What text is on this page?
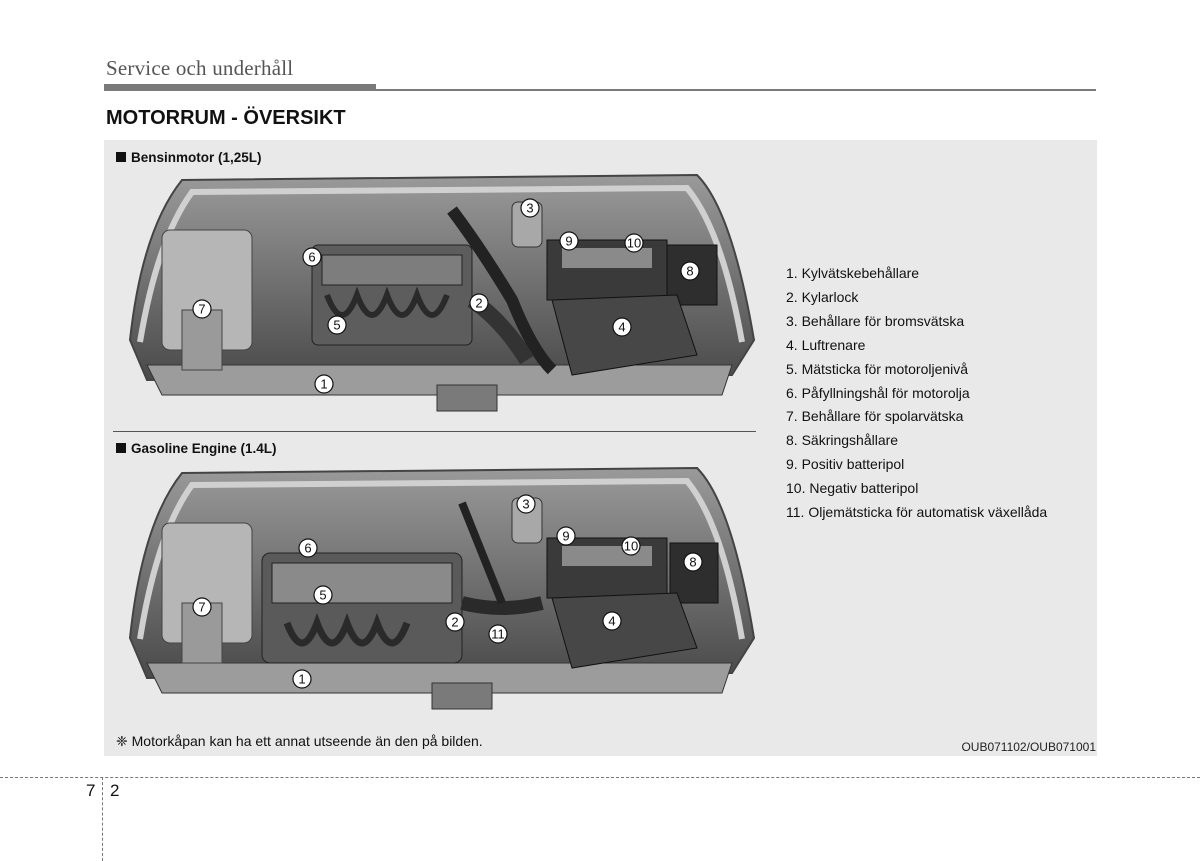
Service och underhåll
MOTORRUM - ÖVERSIKT
Bensinmotor (1,25L)
1
2
3
4
5
6
7
8
9	10
Gasoline Engine (1.4L)
1
2
3
4
5
6
7
8
9
10
11
1. Kylvätskebehållare
2. Kylarlock
3. Behållare för bromsvätska
4. Luftrenare
5. Mätsticka för motoroljenivå
6. Påfyllningshål för motorolja
7. Behållare för spolarvätska
8. Säkringshållare
9. Positiv batteripol
10. Negativ batteripol
11. Oljemätsticka för automatisk växellåda
❈ Motorkåpan kan ha ett annat utseende än den på bilden.	OUB071102/OUB071001
7 2
